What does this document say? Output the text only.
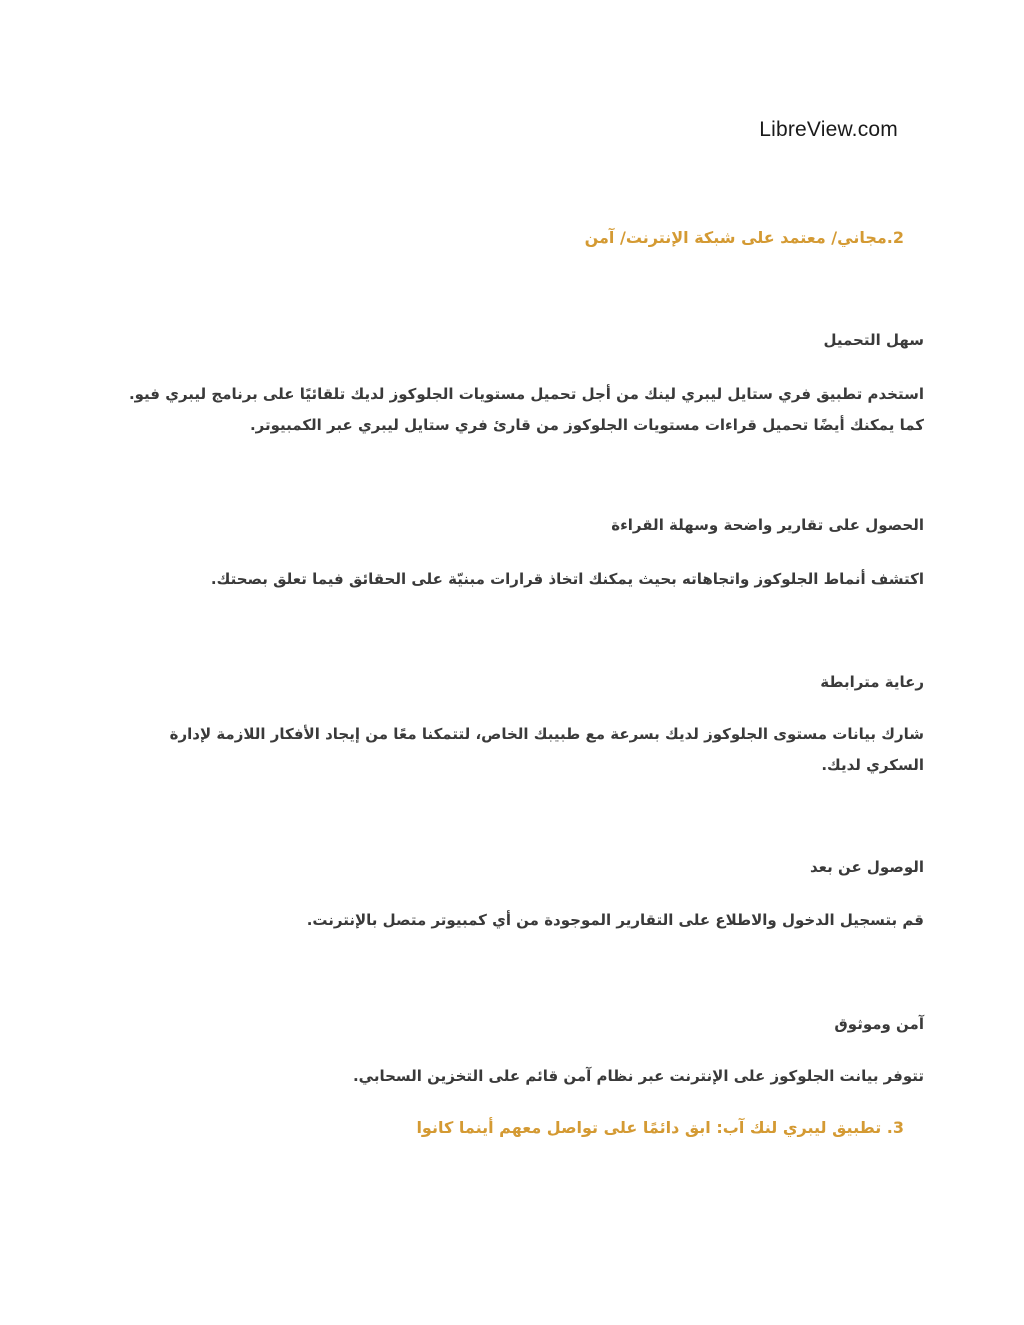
LibreView.com
2.مجاني/ معتمد على شبكة الإنترنت/ آمن
سهل التحميل
استخدم تطبيق فري ستايل ليبري لينك من أجل تحميل مستويات الجلوكوز لديك تلقائيًا على برنامج ليبري فيو.
كما يمكنك أيضًا تحميل قراءات مستويات الجلوكوز من قارئ فري ستايل ليبري عبر الكمبيوتر.
الحصول على تقارير واضحة وسهلة القراءة
اكتشف أنماط الجلوكوز واتجاهاته بحيث يمكنك اتخاذ قرارات مبنيّة على الحقائق فيما تعلق بصحتك.
رعاية مترابطة
شارك بيانات مستوى الجلوكوز لديك بسرعة مع طبيبك الخاص، لتتمكنا معًا من إيجاد الأفكار اللازمة لإدارة
السكري لديك.
الوصول عن بعد
قم بتسجيل الدخول والاطلاع على التقارير الموجودة من أي كمبيوتر متصل بالإنترنت.
آمن وموثوق
تتوفر بيانت الجلوكوز على الإنترنت عبر نظام آمن قائم على التخزين السحابي.
3. تطبيق ليبري لنك آب: ابق دائمًا على تواصل معهم أينما كانوا
